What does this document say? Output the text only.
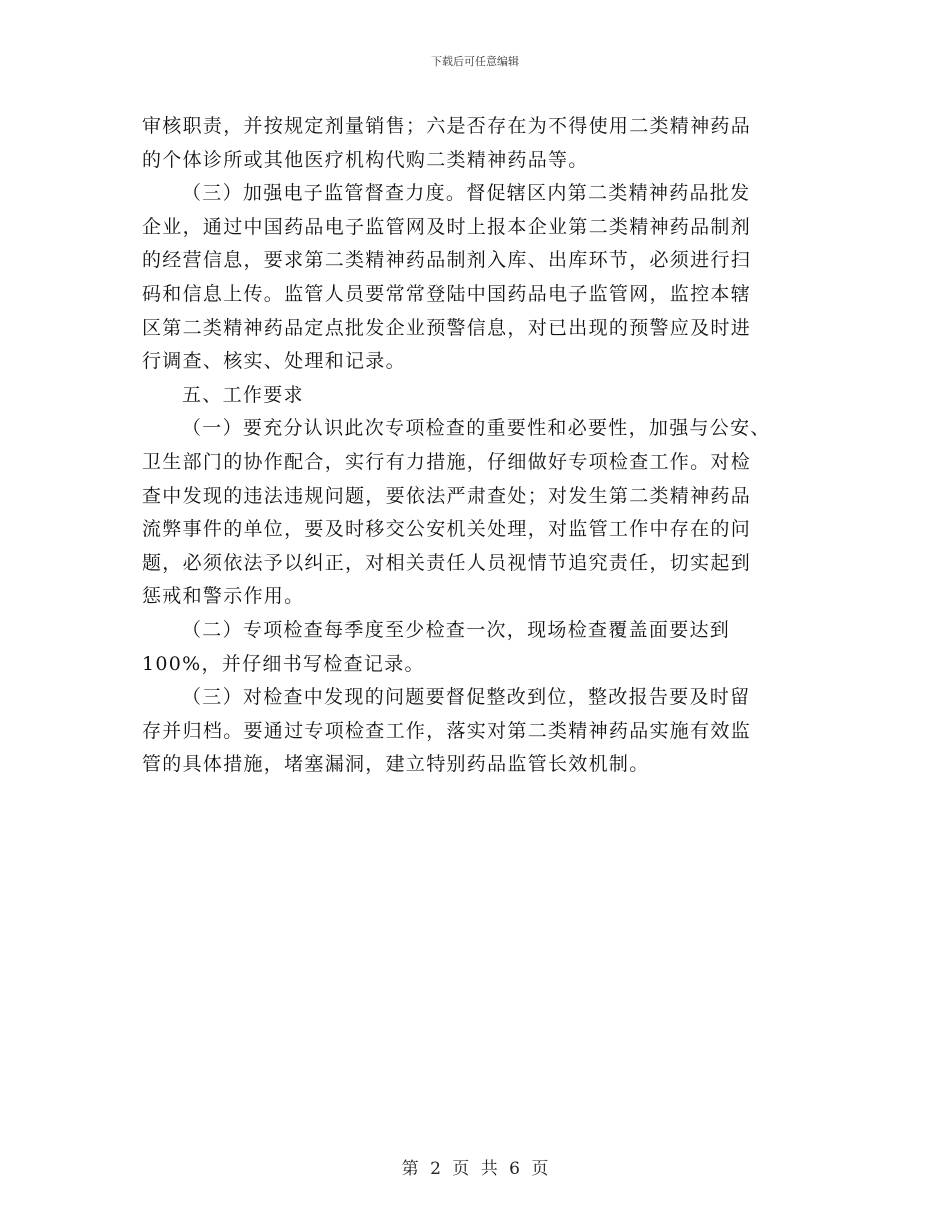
下载后可任意编辑
审核职责，并按规定剂量销售；六是否存在为不得使用二类精神药品
的个体诊所或其他医疗机构代购二类精神药品等。
（三）加强电子监管督查力度。督促辖区内第二类精神药品批发
企业，通过中国药品电子监管网及时上报本企业第二类精神药品制剂
的经营信息，要求第二类精神药品制剂入库、出库环节，必须进行扫
码和信息上传。监管人员要常常登陆中国药品电子监管网，监控本辖
区第二类精神药品定点批发企业预警信息，对已出现的预警应及时进
行调查、核实、处理和记录。
五、工作要求
（一）要充分认识此次专项检查的重要性和必要性，加强与公安、
卫生部门的协作配合，实行有力措施，仔细做好专项检查工作。对检
查中发现的违法违规问题，要依法严肃查处；对发生第二类精神药品
流弊事件的单位，要及时移交公安机关处理，对监管工作中存在的问
题，必须依法予以纠正，对相关责任人员视情节追究责任，切实起到
惩戒和警示作用。
（二）专项检查每季度至少检查一次，现场检查覆盖面要达到
100%，并仔细书写检查记录。
（三）对检查中发现的问题要督促整改到位，整改报告要及时留
存并归档。要通过专项检查工作，落实对第二类精神药品实施有效监
管的具体措施，堵塞漏洞，建立特别药品监管长效机制。
第 2 页 共 6 页
